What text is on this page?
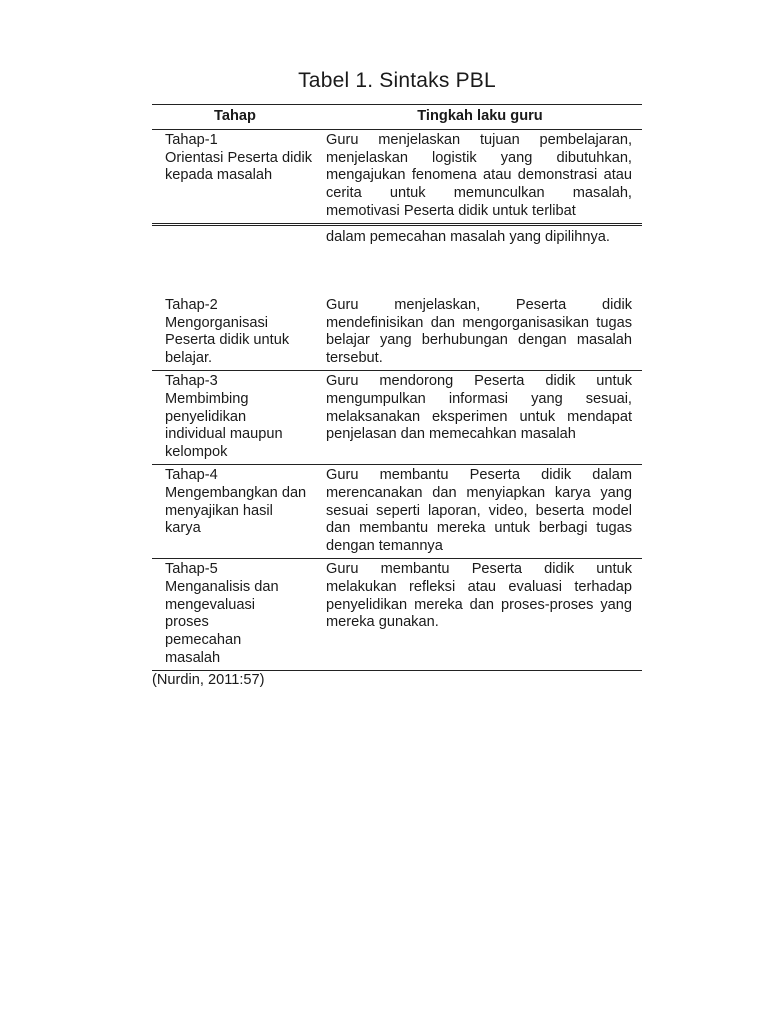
Tabel 1. Sintaks PBL
Tahap	Tingkah laku guru

Tahap-1
Orientasi Peserta didik kepada masalah	Guru menjelaskan tujuan pembelajaran, menjelaskan logistik yang dibutuhkan, mengajukan fenomena atau demonstrasi atau cerita untuk memunculkan masalah, memotivasi Peserta didik untuk terlibat
	dalam pemecahan masalah yang dipilihnya.

Tahap-2
Mengorganisasi Peserta didik untuk belajar.	Guru menjelaskan, Peserta didik mendefinisikan dan mengorganisasikan tugas belajar yang berhubungan dengan masalah tersebut.

Tahap-3
Membimbing penyelidikan individual maupun kelompok	Guru mendorong Peserta didik untuk mengumpulkan informasi yang sesuai, melaksanakan eksperimen untuk mendapat penjelasan dan memecahkan masalah

Tahap-4
Mengembangkan dan menyajikan hasil karya	Guru membantu Peserta didik dalam merencanakan dan menyiapkan karya yang sesuai seperti laporan, video, beserta model dan membantu mereka untuk berbagi tugas dengan temannya

Tahap-5
Menganalisis dan mengevaluasi proses pemecahan masalah	Guru membantu Peserta didik untuk melakukan refleksi atau evaluasi terhadap penyelidikan mereka dan proses-proses yang mereka gunakan.
(Nurdin, 2011:57)
